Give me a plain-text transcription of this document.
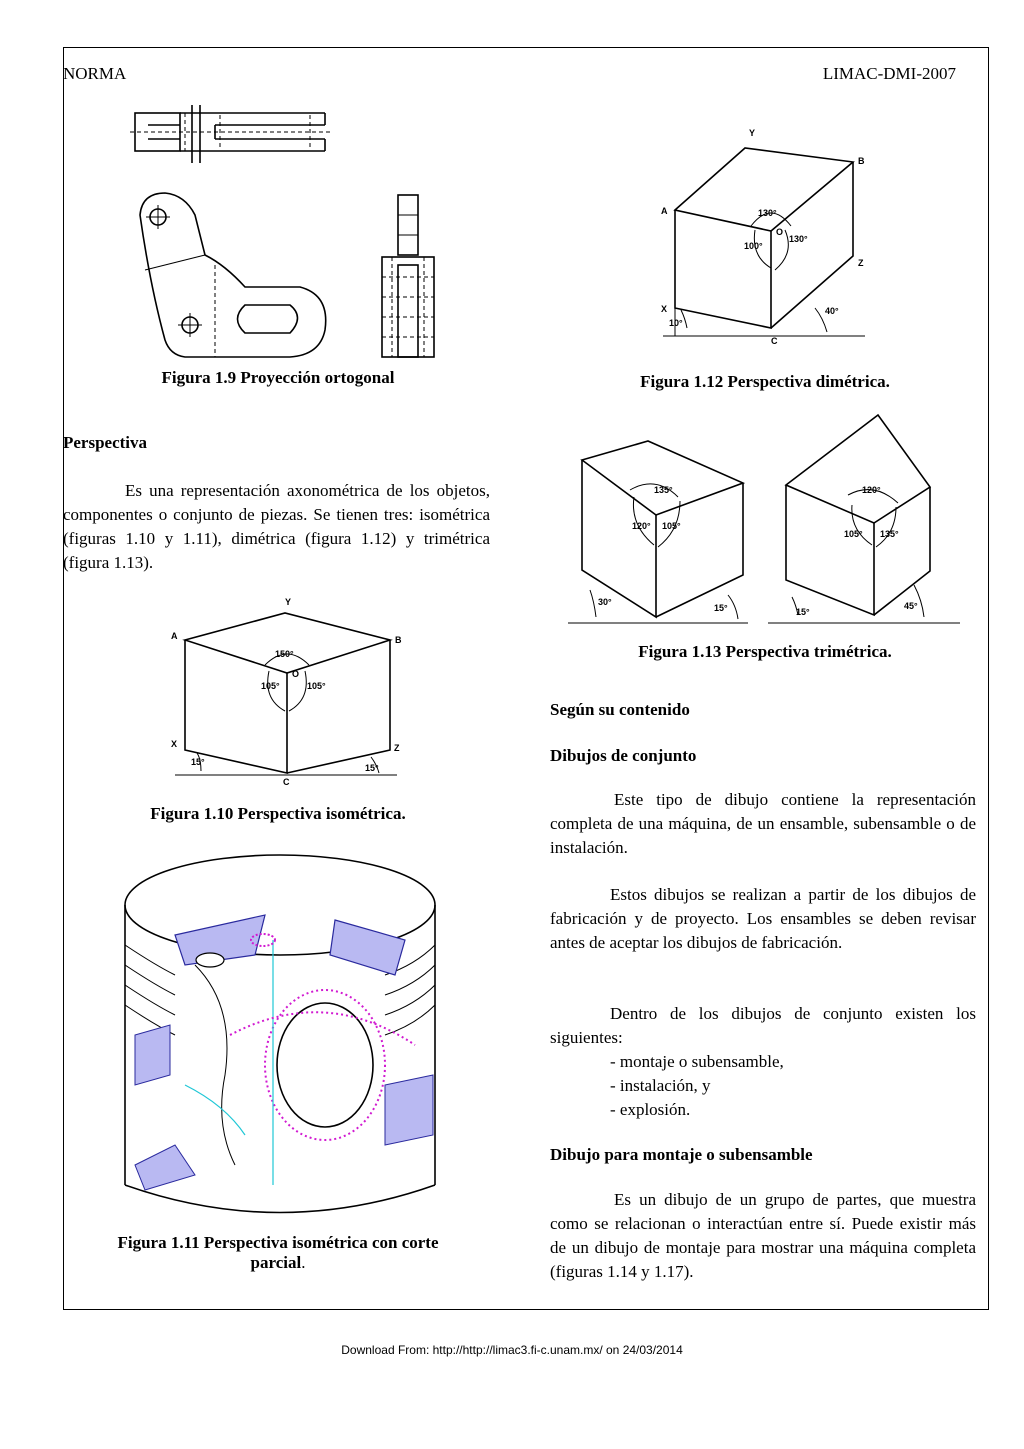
NORMA	LIMAC-DMI-2007
Figura 1.9 Proyección ortogonal
Y
B
A
O
130°
100°
130°
Z
X
10°
40°
C
Figura 1.12 Perspectiva dimétrica.
Perspectiva
Es una representación axonométrica de los objetos, componentes o conjunto de piezas. Se tienen tres: isométrica (figuras 1.10 y 1.11), dimétrica (figura 1.12) y trimétrica (figura 1.13).
135°
120° 105°
30°
15°
120°
105° 135°
15°
45°
Figura 1.13 Perspectiva trimétrica.
Y
B
A
150°
O
105°	105°
X	Z
15°
15°
C
Figura 1.10 Perspectiva isométrica.
Según su contenido
Dibujos de conjunto
Este tipo de dibujo contiene la representación completa de una máquina, de un ensamble, subensamble o de instalación.
Estos dibujos se realizan a partir de los dibujos de fabricación y de proyecto. Los ensambles se deben revisar antes de aceptar los dibujos de fabricación.
Dentro de los dibujos de conjunto existen los siguientes:
- montaje o subensamble,
- instalación, y
- explosión.
Dibujo para montaje o subensamble
Es un dibujo de un grupo de partes, que muestra como se relacionan o interactúan entre sí. Puede existir más de un dibujo de montaje para mostrar una máquina completa (figuras 1.14 y 1.17).
Figura 1.11 Perspectiva isométrica con corte
parcial.
Download From: http://http://limac3.fi-c.unam.mx/ on 24/03/2014
